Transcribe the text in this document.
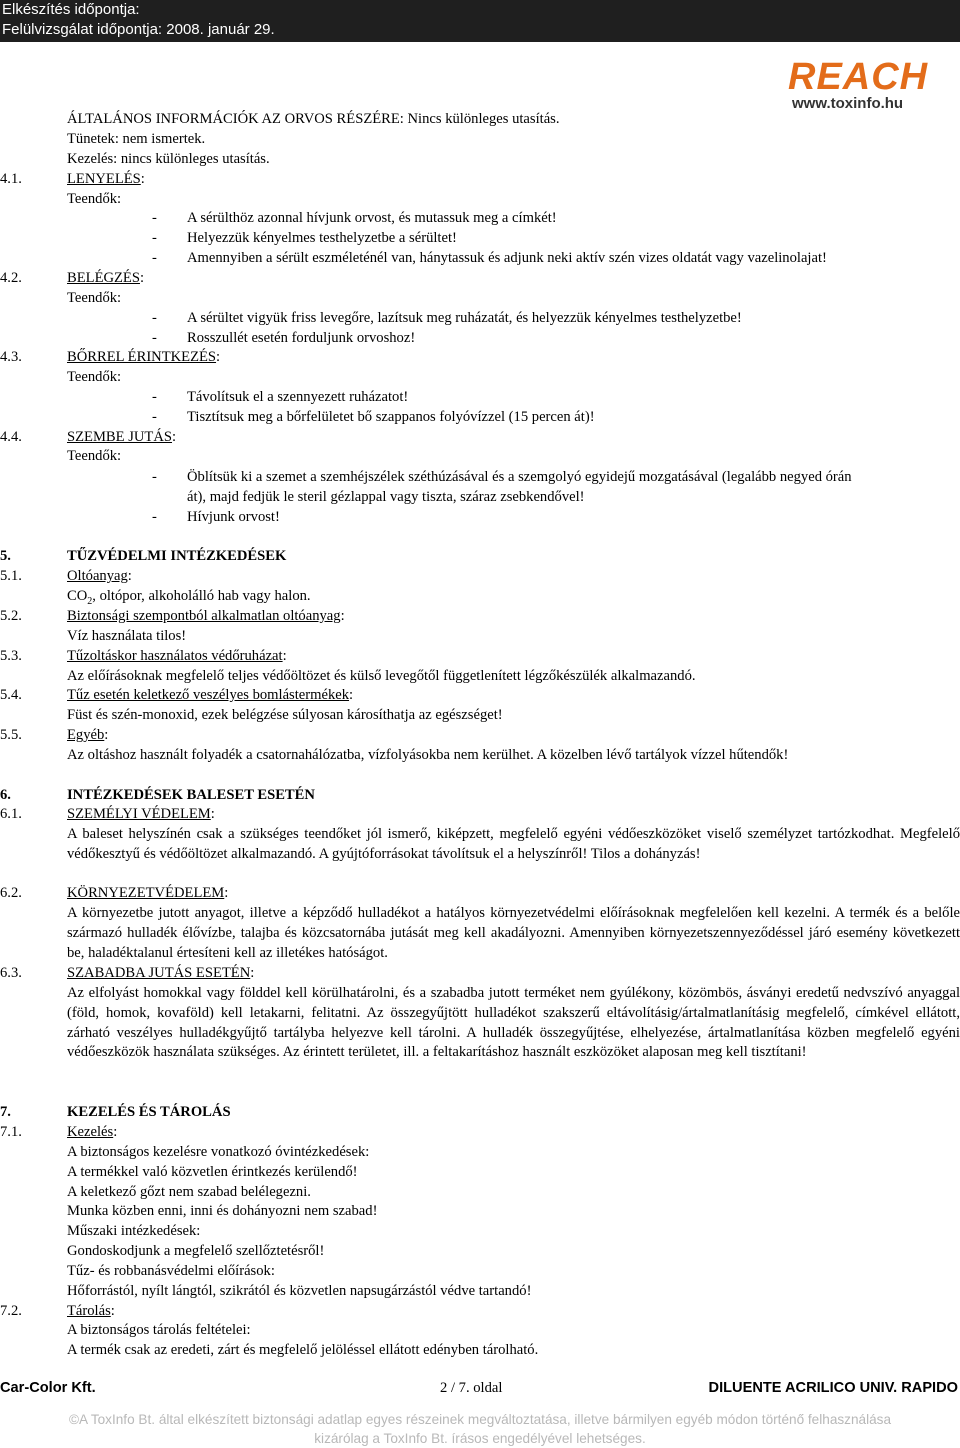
Elkészítés időpontja:
Felülvizsgálat időpontja: 2008. január 29.
REACH
www.toxinfo.hu
ÁLTALÁNOS INFORMÁCIÓK AZ ORVOS RÉSZÉRE: Nincs különleges utasítás.
Tünetek: nem ismertek.
Kezelés: nincs különleges utasítás.
4.1.	LENYELÉS:
Teendők:
- A sérülthöz azonnal hívjunk orvost, és mutassuk meg a címkét!
- Helyezzük kényelmes testhelyzetbe a sérültet!
- Amennyiben a sérült eszméleténél van, hánytassuk és adjunk neki aktív szén vizes oldatát vagy vazelinolajat!
4.2.	BELÉGZÉS:
Teendők:
- A sérültet vigyük friss levegőre, lazítsuk meg ruházatát, és helyezzük kényelmes testhelyzetbe!
- Rosszullét esetén forduljunk orvoshoz!
4.3.	BŐRREL ÉRINTKEZÉS:
Teendők:
- Távolítsuk el a szennyezett ruházatot!
- Tisztítsuk meg a bőrfelületet bő szappanos folyóvízzel (15 percen át)!
4.4.	SZEMBE JUTÁS:
Teendők:
- Öblítsük ki a szemet a szemhéjszélek széthúzásával és a szemgolyó egyidejű mozgatásával (legalább negyed órán
át), majd fedjük le steril gézlappal vagy tiszta, száraz zsebkendővel!
- Hívjunk orvost!
5.	TŰZVÉDELMI INTÉZKEDÉSEK
5.1.	Oltóanyag:
$CO_2$, oltópor, alkoholálló hab vagy halon.
5.2.	Biztonsági szempontból alkalmatlan oltóanyag:
Víz használata tilos!
5.3.	Tűzoltáskor használatos védőruházat:
Az előírásoknak megfelelő teljes védőöltözet és külső levegőtől függetlenített légzőkészülék alkalmazandó.
5.4.	Tűz esetén keletkező veszélyes bomlástermékek:
Füst és szén-monoxid, ezek belégzése súlyosan károsíthatja az egészséget!
5.5.	Egyéb:
Az oltáshoz használt folyadék a csatornahálózatba, vízfolyásokba nem kerülhet. A közelben lévő tartályok vízzel hűtendők!
6.	INTÉZKEDÉSEK BALESET ESETÉN
6.1.	SZEMÉLYI VÉDELEM:
A baleset helyszínén csak a szükséges teendőket jól ismerő, kiképzett, megfelelő egyéni védőeszközöket viselő személyzet tartózkodhat. Megfelelő védőkesztyű és védőöltözet alkalmazandó. A gyújtóforrásokat távolítsuk el a helyszínről! Tilos a dohányzás!
6.2.	KÖRNYEZETVÉDELEM:
A környezetbe jutott anyagot, illetve a képződő hulladékot a hatályos környezetvédelmi előírásoknak megfelelően kell kezelni. A termék és a belőle származó hulladék élővízbe, talajba és közcsatornába jutását meg kell akadályozni. Amennyiben környezetszennyeződéssel járó esemény következett be, haladéktalanul értesíteni kell az illetékes hatóságot.
6.3.	SZABADBA JUTÁS ESETÉN:
Az elfolyást homokkal vagy földdel kell körülhatárolni, és a szabadba jutott terméket nem gyúlékony, közömbös, ásványi eredetű nedvszívó anyaggal (föld, homok, kovaföld) kell letakarni, felitatni. Az összegyűjtött hulladékot szakszerű eltávolításig/ártalmatlanításig megfelelő, címkével ellátott, zárható veszélyes hulladékgyűjtő tartályba helyezve kell tárolni. A hulladék összegyűjtése, elhelyezése, ártalmatlanítása közben megfelelő egyéni védőeszközök használata szükséges. Az érintett területet, ill. a feltakarításhoz használt eszközöket alaposan meg kell tisztítani!
7.	KEZELÉS ÉS TÁROLÁS
7.1.	Kezelés:
A biztonságos kezelésre vonatkozó óvintézkedések:
A termékkel való közvetlen érintkezés kerülendő!
A keletkező gőzt nem szabad belélegezni.
Munka közben enni, inni és dohányozni nem szabad!
Műszaki intézkedések:
Gondoskodjunk a megfelelő szellőztetésről!
Tűz- és robbanásvédelmi előírások:
Hőforrástól, nyílt lángtól, szikrától és közvetlen napsugárzástól védve tartandó!
7.2.	Tárolás:
A biztonságos tárolás feltételei:
A termék csak az eredeti, zárt és megfelelő jelöléssel ellátott edényben tárolható.
Car-Color Kft.	2 / 7. oldal	DILUENTE ACRILICO UNIV. RAPIDO
©A ToxInfo Bt. által elkészített biztonsági adatlap egyes részeinek megváltoztatása, illetve bármilyen egyéb módon történő felhasználása
kizárólag a ToxInfo Bt. írásos engedélyével lehetséges.
